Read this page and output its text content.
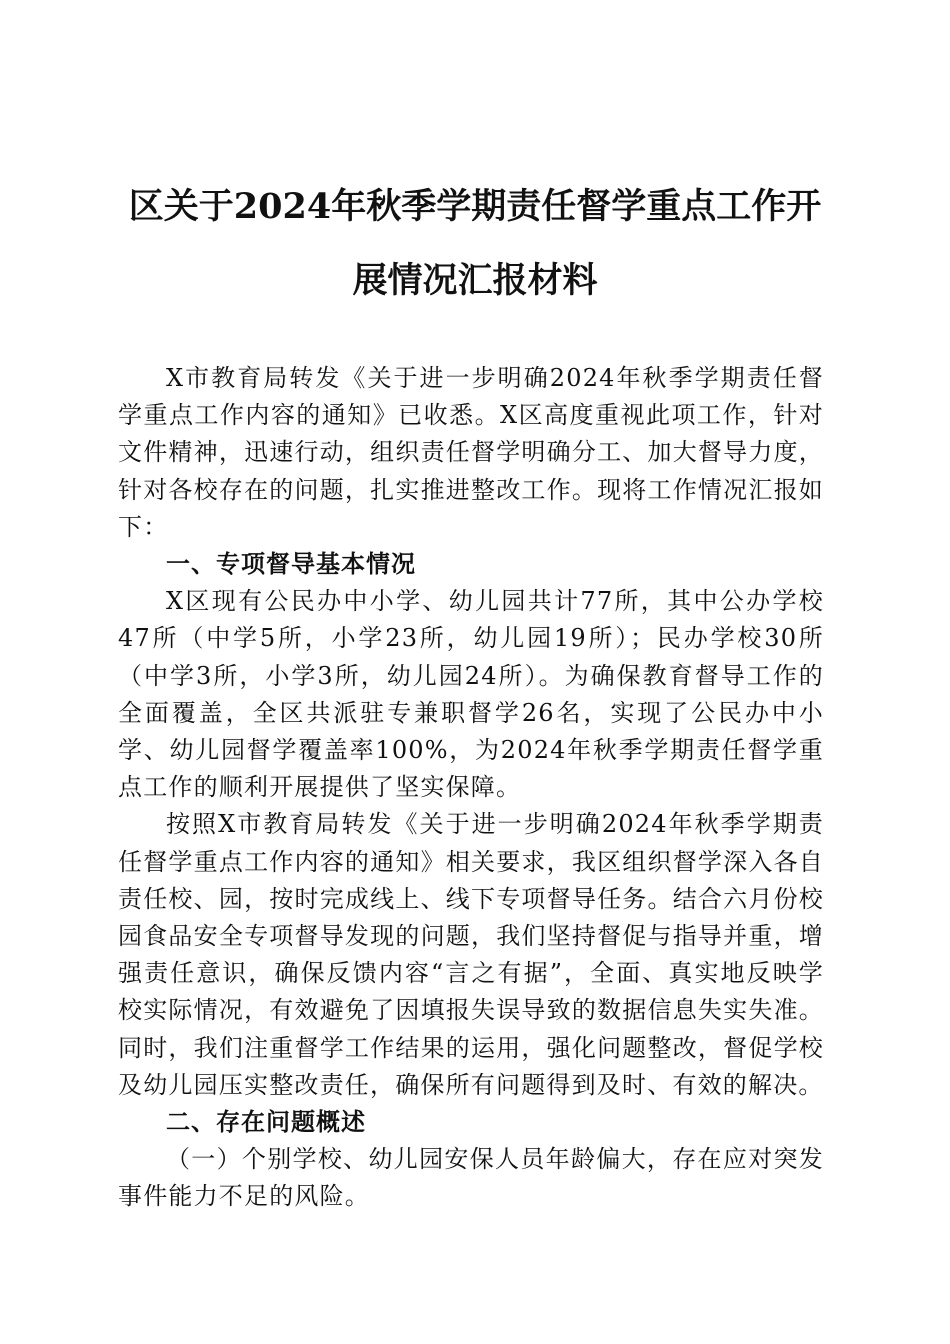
区关于2024年秋季学期责任督学重点工作开
展情况汇报材料

X市教育局转发《关于进一步明确2024年秋季学期责任督学重点工作内容的通知》已收悉。X区高度重视此项工作，针对文件精神，迅速行动，组织责任督学明确分工、加大督导力度，针对各校存在的问题，扎实推进整改工作。现将工作情况汇报如下：

一、专项督导基本情况

X区现有公民办中小学、幼儿园共计77所，其中公办学校47所（中学5所，小学23所，幼儿园19所）；民办学校30所（中学3所，小学3所，幼儿园24所）。为确保教育督导工作的全面覆盖，全区共派驻专兼职督学26名，实现了公民办中小学、幼儿园督学覆盖率100%，为2024年秋季学期责任督学重点工作的顺利开展提供了坚实保障。

按照X市教育局转发《关于进一步明确2024年秋季学期责任督学重点工作内容的通知》相关要求，我区组织督学深入各自责任校、园，按时完成线上、线下专项督导任务。结合六月份校园食品安全专项督导发现的问题，我们坚持督促与指导并重，增强责任意识，确保反馈内容“言之有据”，全面、真实地反映学校实际情况，有效避免了因填报失误导致的数据信息失实失准。同时，我们注重督学工作结果的运用，强化问题整改，督促学校及幼儿园压实整改责任，确保所有问题得到及时、有效的解决。

二、存在问题概述

（一）个别学校、幼儿园安保人员年龄偏大，存在应对突发事件能力不足的风险。
